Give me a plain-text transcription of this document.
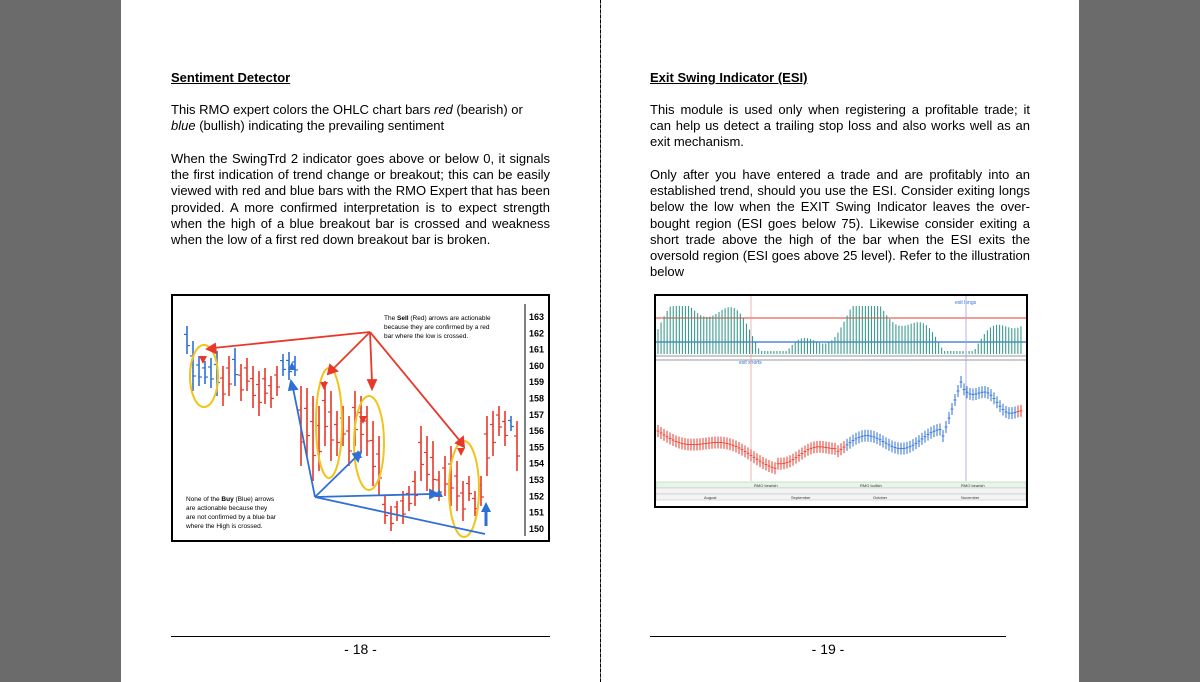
Sentiment Detector

This RMO expert colors the OHLC chart bars red (bearish) or blue (bullish) indicating the prevailing sentiment

When the SwingTrd 2 indicator goes above or below 0, it signals the first indication of trend change or breakout; this can be easily viewed with red and blue bars with the RMO Expert that has been provided. A more confirmed interpretation is to expect strength when the high of a blue breakout bar is crossed and weakness when the low of a first red down breakout bar is broken.

163
162
161
160
159
158
157
156
155
154
153
152
151
150
The Sell (Red) arrows are actionable
because they are confirmed by a red
bar where the low is crossed.
None of the Buy (Blue) arrows
are actionable because they
are not confirmed by a blue bar
where the High is crossed.
- 18 -
Exit Swing Indicator (ESI)

This module is used only when registering a profitable trade; it can help us detect a trailing stop loss and also works well as an exit mechanism.

Only after you have entered a trade and are profitably into an established trend, should you use the ESI. Consider exiting longs below the low when the EXIT Swing Indicator leaves the over-bought region (ESI goes below 75). Likewise consider exiting a short trade above the high of the bar when the ESI exits the oversold region (ESI goes above 25 level). Refer to the illustration below

exit longs
exit shorts
RMO bearish	RMO bullish	RMO bearish
August	September	October	November
- 19 -
